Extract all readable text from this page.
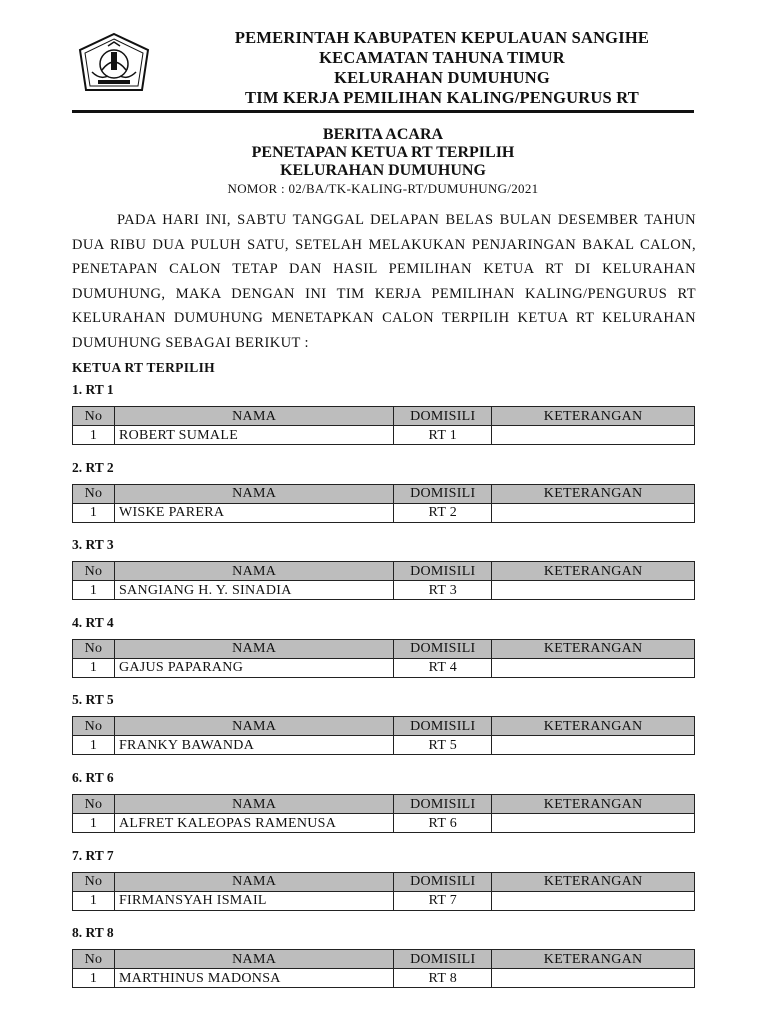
PEMERINTAH KABUPATEN KEPULAUAN SANGIHE
KECAMATAN TAHUNA TIMUR
KELURAHAN DUMUHUNG
TIM KERJA PEMILIHAN KALING/PENGURUS RT
BERITA ACARA
PENETAPAN KETUA RT TERPILIH
KELURAHAN DUMUHUNG
NOMOR : 02/BA/TK-KALING-RT/DUMUHUNG/2021
PADA HARI INI, SABTU TANGGAL DELAPAN BELAS BULAN DESEMBER TAHUN DUA RIBU DUA PULUH SATU, SETELAH MELAKUKAN PENJARINGAN BAKAL CALON, PENETAPAN CALON TETAP DAN HASIL PEMILIHAN KETUA RT DI KELURAHAN DUMUHUNG, MAKA DENGAN INI TIM KERJA PEMILIHAN KALING/PENGURUS RT KELURAHAN DUMUHUNG MENETAPKAN CALON TERPILIH KETUA RT KELURAHAN DUMUHUNG SEBAGAI BERIKUT :
KETUA RT TERPILIH
1. RT 1
No	NAMA	DOMISILI	KETERANGAN
1	ROBERT SUMALE	RT 1	
2. RT 2
No	NAMA	DOMISILI	KETERANGAN
1	WISKE PARERA	RT 2	
3. RT 3
No	NAMA	DOMISILI	KETERANGAN
1	SANGIANG H. Y. SINADIA	RT 3	
4. RT 4
No	NAMA	DOMISILI	KETERANGAN
1	GAJUS PAPARANG	RT 4	
5. RT 5
No	NAMA	DOMISILI	KETERANGAN
1	FRANKY BAWANDA	RT 5	
6. RT 6
No	NAMA	DOMISILI	KETERANGAN
1	ALFRET KALEOPAS RAMENUSA	RT 6	
7. RT 7
No	NAMA	DOMISILI	KETERANGAN
1	FIRMANSYAH ISMAIL	RT 7	
8. RT 8
No	NAMA	DOMISILI	KETERANGAN
1	MARTHINUS MADONSA	RT 8	
